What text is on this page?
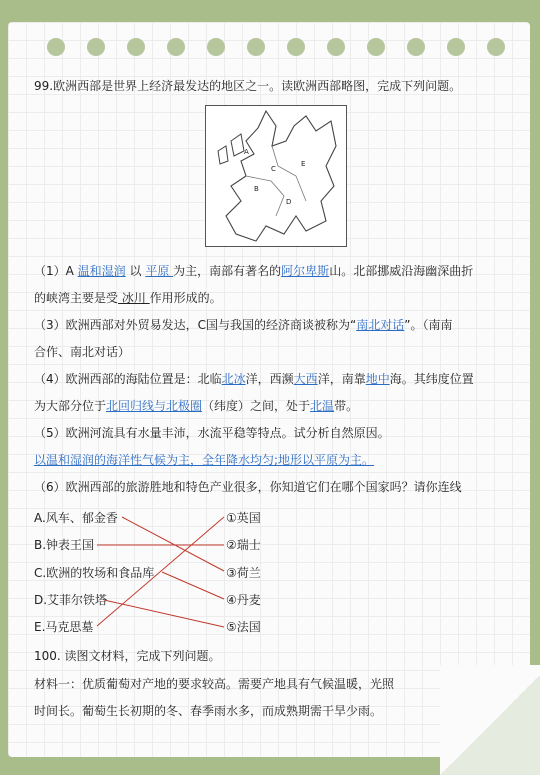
99.欧洲西部是世界上经济最发达的地区之一。读欧洲西部略图，完成下列问题。
A
B
C
D
E
（1）A 温和湿润 以 平原 为主，南部有著名的阿尔卑斯山。北部挪威沿海幽深曲折
的峡湾主要是受 冰川 作用形成的。
（3）欧洲西部对外贸易发达，C国与我国的经济商谈被称为“南北对话”。（南南
合作、南北对话）
（4）欧洲西部的海陆位置是：北临北冰洋，西濒大西洋，南靠地中海。其纬度位置
为大部分位于北回归线与北极圈（纬度）之间，处于北温带。
（5）欧洲河流具有水量丰沛，水流平稳等特点。试分析自然原因。
以温和湿润的海洋性气候为主，全年降水均匀;地形以平原为主。
（6）欧洲西部的旅游胜地和特色产业很多，你知道它们在哪个国家吗？请你连线
A.风车、郁金香
B.钟表王国
C.欧洲的牧场和食品库
D.艾菲尔铁塔
E.马克思墓
①英国
②瑞士
③荷兰
④丹麦
⑤法国
100. 读图文材料，完成下列问题。
材料一：优质葡萄对产地的要求较高。需要产地具有气候温暖，光照
时间长。葡萄生长初期的冬、春季雨水多，而成熟期需干旱少雨。
